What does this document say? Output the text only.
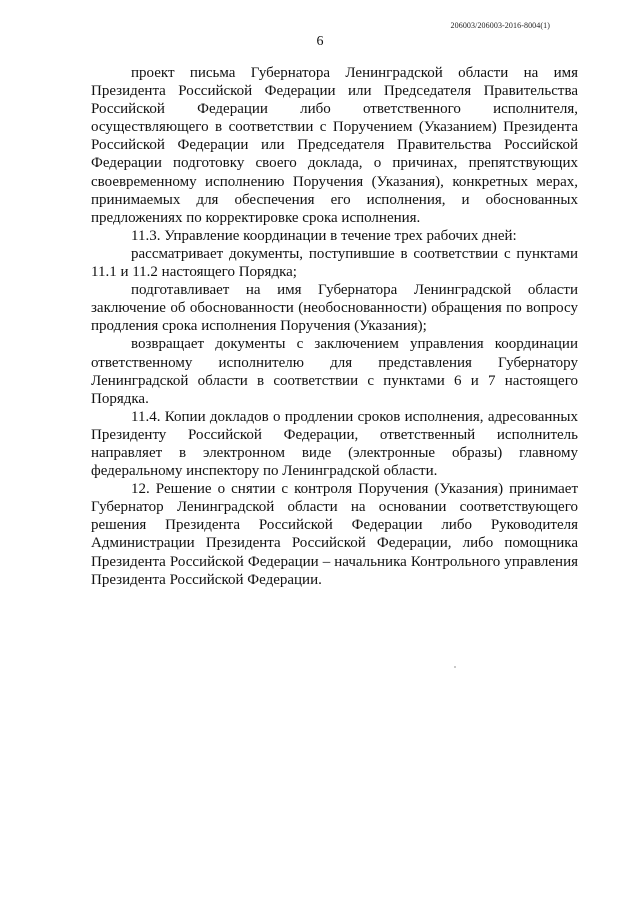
206003/206003-2016-8004(1)
6

проект письма Губернатора Ленинградской области на имя Президента Российской Федерации или Председателя Правительства Российской Федерации либо ответственного исполнителя, осуществляющего в соответствии с Поручением (Указанием) Президента Российской Федерации или Председателя Правительства Российской Федерации подготовку своего доклада, о причинах, препятствующих своевременному исполнению Поручения (Указания), конкретных мерах, принимаемых для обеспечения его исполнения, и обоснованных предложениях по корректировке срока исполнения.

11.3. Управление координации в течение трех рабочих дней:

рассматривает документы, поступившие в соответствии с пунктами 11.1 и 11.2 настоящего Порядка;

подготавливает на имя Губернатора Ленинградской области заключение об обоснованности (необоснованности) обращения по вопросу продления срока исполнения Поручения (Указания);

возвращает документы с заключением управления координации ответственному исполнителю для представления Губернатору Ленинградской области в соответствии с пунктами 6 и 7 настоящего Порядка.

11.4. Копии докладов о продлении сроков исполнения, адресованных Президенту Российской Федерации, ответственный исполнитель направляет в электронном виде (электронные образы) главному федеральному инспектору по Ленинградской области.

12. Решение о снятии с контроля Поручения (Указания) принимает Губернатор Ленинградской области на основании соответствующего решения Президента Российской Федерации либо Руководителя Администрации Президента Российской Федерации, либо помощника Президента Российской Федерации – начальника Контрольного управления Президента Российской Федерации.
